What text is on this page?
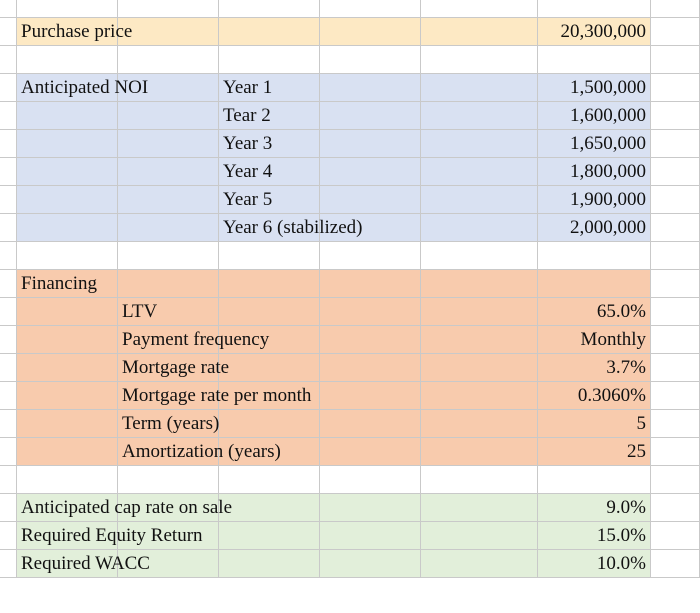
Purchase price	20,300,000
Anticipated NOI	Year 1	1,500,000
Tear 2	1,600,000
Year 3	1,650,000
Year 4	1,800,000
Year 5	1,900,000
Year 6 (stabilized)	2,000,000
Financing
LTV	65.0%
Payment frequency	Monthly
Mortgage rate	3.7%
Mortgage rate per month	0.3060%
Term (years)	5
Amortization (years)	25
Anticipated cap rate on sale	9.0%
Required Equity Return	15.0%
Required WACC	10.0%
